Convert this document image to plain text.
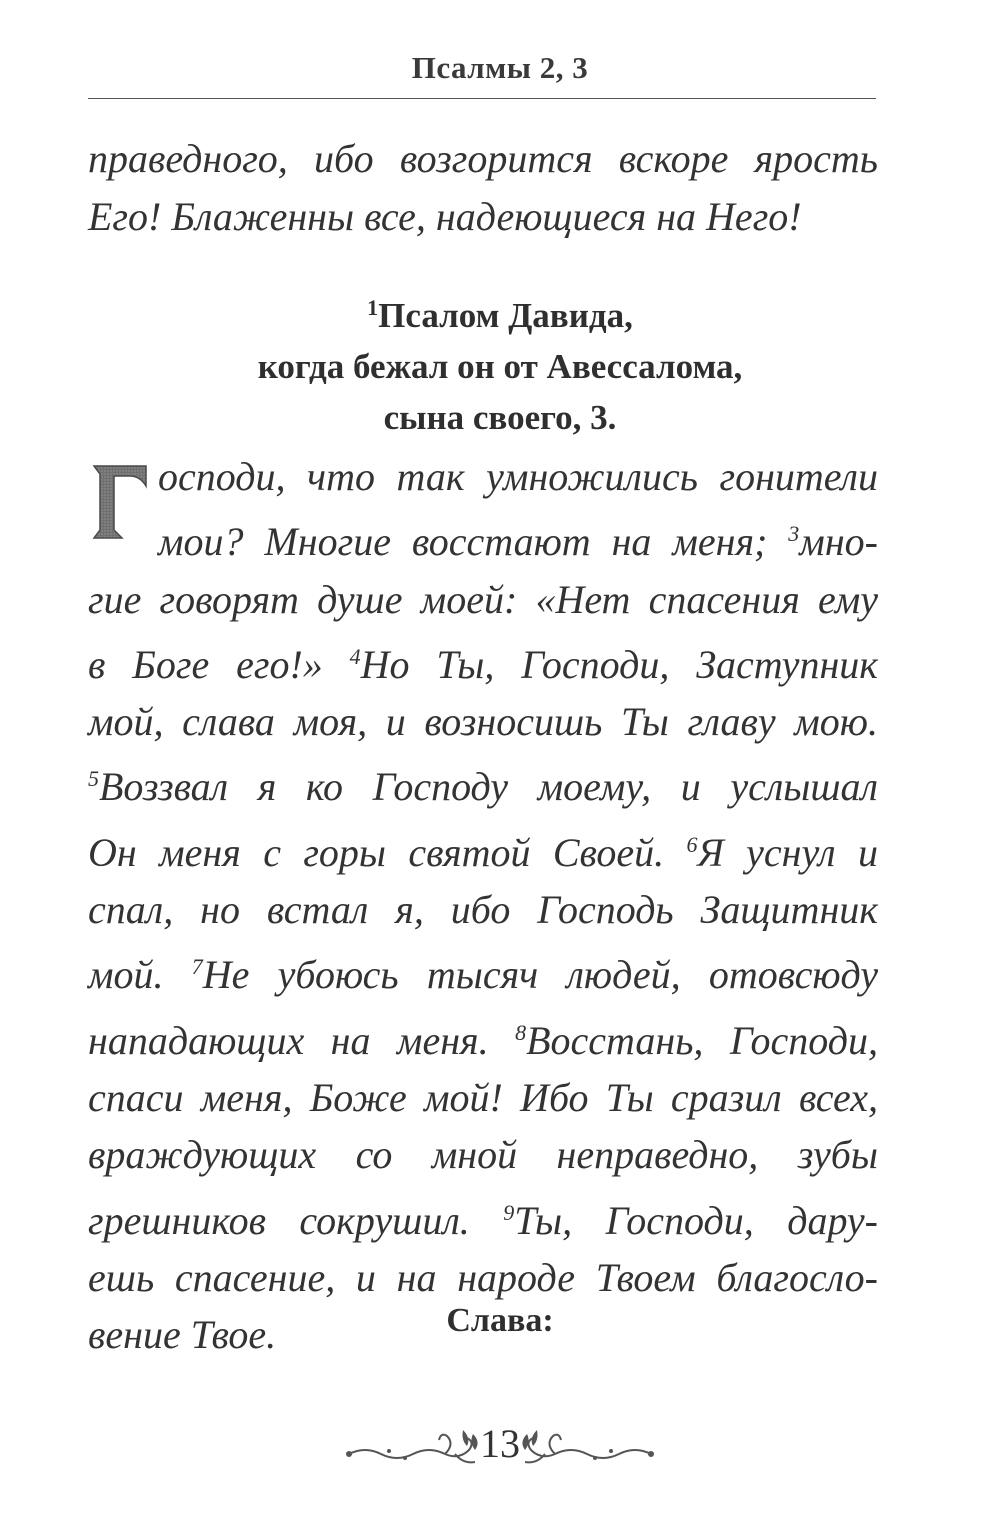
Псалмы 2, 3
праведного, ибо возгорится вскоре ярость
Его! Блаженны все, надеющиеся на Него!
$^1$Псалом Давида,
когда бежал он от Авессалома,
сына своего, 3.
осподи, что так умножились гонители
мои? Многие восстают на меня; $^3$мно-
гие говорят душе моей: «Нет спасения ему
в Боге его!» $^4$Но Ты, Господи, Заступник
мой, слава моя, и возносишь Ты главу мою.
$^5$Воззвал я ко Господу моему, и услышал
Он меня с горы святой Своей. $^6$Я уснул и
спал, но встал я, ибо Господь Защитник
мой. $^7$Не убоюсь тысяч людей, отовсюду
нападающих на меня. $^8$Восстань, Господи,
спаси меня, Боже мой! Ибо Ты сразил всех,
враждующих со мной неправедно, зубы
грешников сокрушил. $^9$Ты, Господи, дару-
ешь спасение, и на народе Твоем благосло-
вение Твое.	Слава:
13
